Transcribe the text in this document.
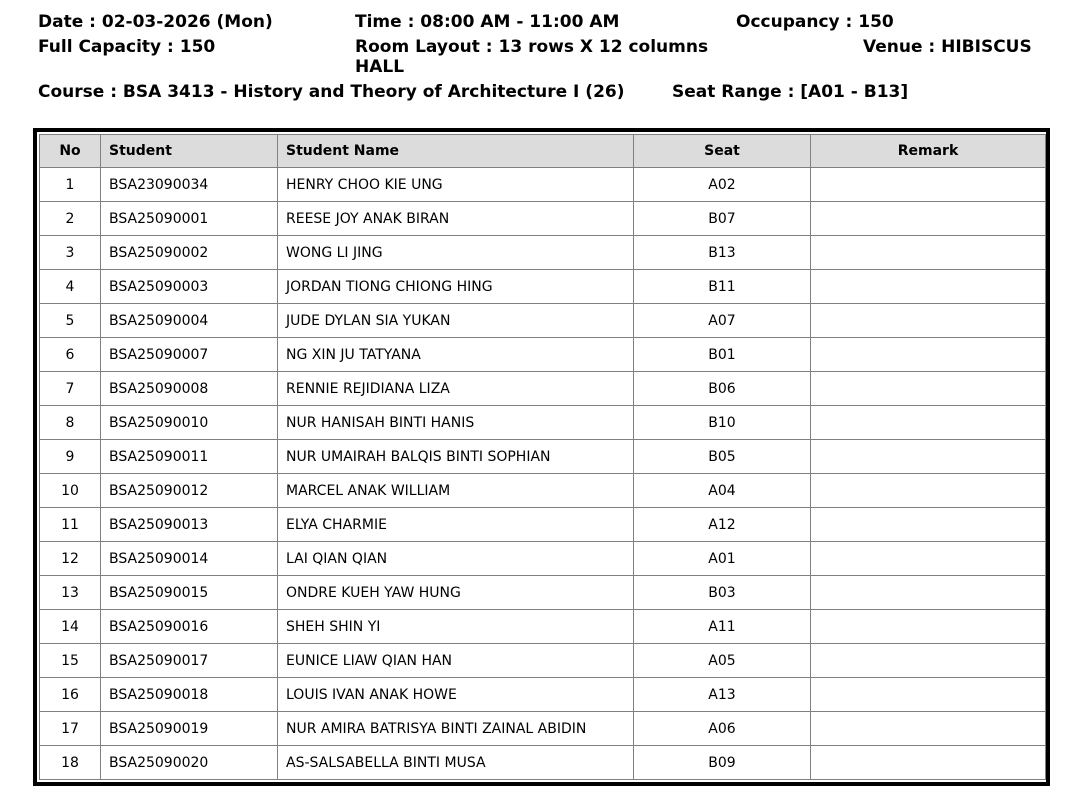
Date : 02-03-2026 (Mon)	Time : 08:00 AM - 11:00 AM	Occupancy : 150
Full Capacity : 150	Room Layout : 13 rows X 12 columns	Venue : HIBISCUS
HALL
Course : BSA 3413 - History and Theory of Architecture I (26)	Seat Range : [A01 - B13]
No	Student	Student Name	Seat	Remark
1	BSA23090034	HENRY CHOO KIE UNG	A02	
2	BSA25090001	REESE JOY ANAK BIRAN	B07	
3	BSA25090002	WONG LI JING	B13	
4	BSA25090003	JORDAN TIONG CHIONG HING	B11	
5	BSA25090004	JUDE DYLAN SIA YUKAN	A07	
6	BSA25090007	NG XIN JU TATYANA	B01	
7	BSA25090008	RENNIE REJIDIANA LIZA	B06	
8	BSA25090010	NUR HANISAH BINTI HANIS	B10	
9	BSA25090011	NUR UMAIRAH BALQIS BINTI SOPHIAN	B05	
10	BSA25090012	MARCEL ANAK WILLIAM	A04	
11	BSA25090013	ELYA CHARMIE	A12	
12	BSA25090014	LAI QIAN QIAN	A01	
13	BSA25090015	ONDRE KUEH YAW HUNG	B03	
14	BSA25090016	SHEH SHIN YI	A11	
15	BSA25090017	EUNICE LIAW QIAN HAN	A05	
16	BSA25090018	LOUIS IVAN ANAK HOWE	A13	
17	BSA25090019	NUR AMIRA BATRISYA BINTI ZAINAL ABIDIN	A06	
18	BSA25090020	AS-SALSABELLA BINTI MUSA	B09	
